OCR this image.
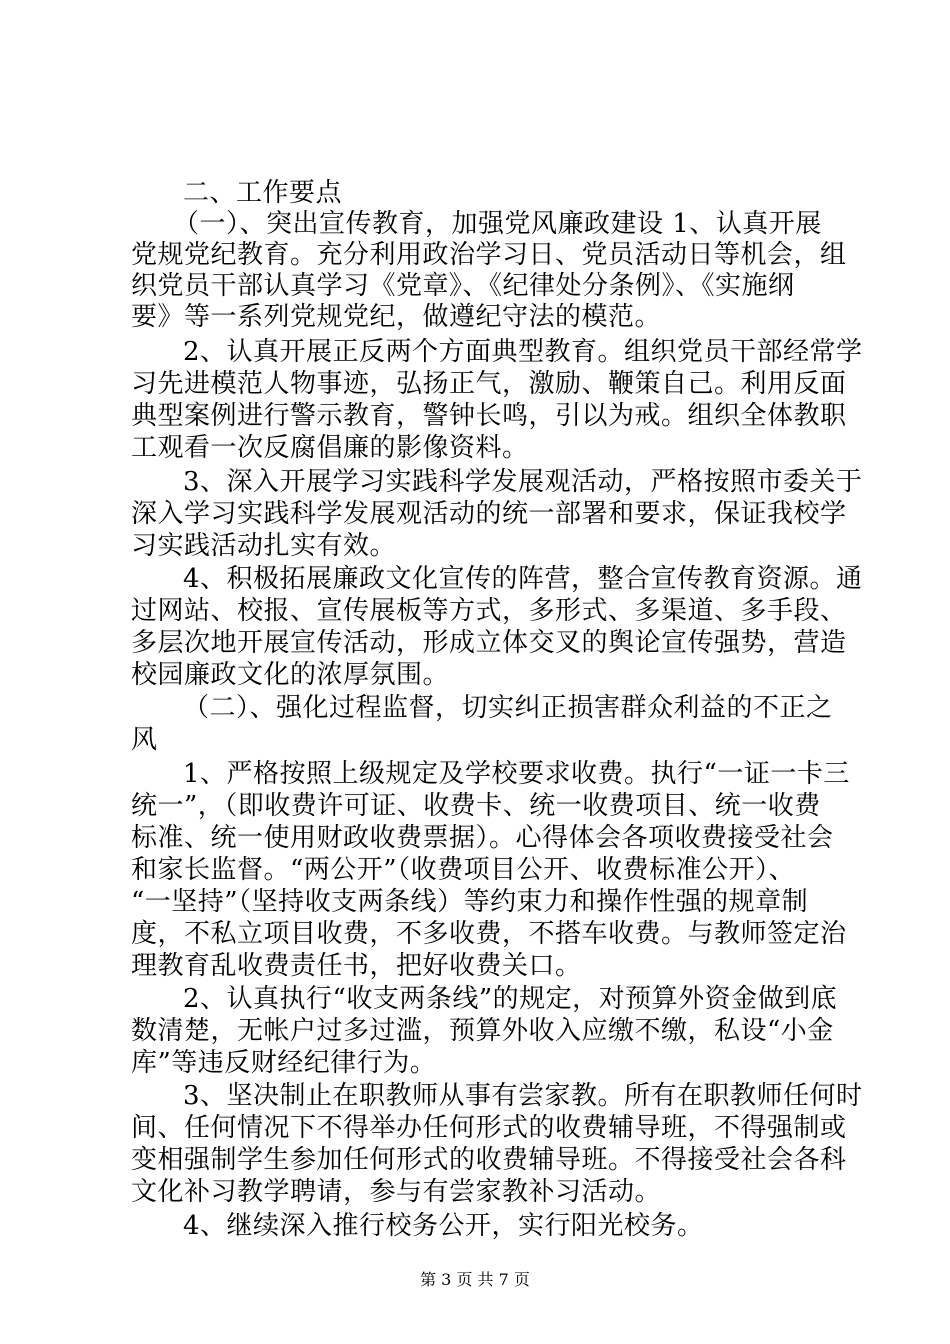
二、工作要点
（一）、突出宣传教育，加强党风廉政建设 1、认真开展
党规党纪教育。充分利用政治学习日、党员活动日等机会，组
织党员干部认真学习《党章》、《纪律处分条例》、《实施纲
要》等一系列党规党纪，做遵纪守法的模范。
2、认真开展正反两个方面典型教育。组织党员干部经常学
习先进模范人物事迹，弘扬正气，激励、鞭策自己。利用反面
典型案例进行警示教育，警钟长鸣，引以为戒。组织全体教职
工观看一次反腐倡廉的影像资料。
3、深入开展学习实践科学发展观活动，严格按照市委关于
深入学习实践科学发展观活动的统一部署和要求，保证我校学
习实践活动扎实有效。
4、积极拓展廉政文化宣传的阵营，整合宣传教育资源。通
过网站、校报、宣传展板等方式，多形式、多渠道、多手段、
多层次地开展宣传活动，形成立体交叉的舆论宣传强势，营造
校园廉政文化的浓厚氛围。
（二）、强化过程监督，切实纠正损害群众利益的不正之
风
1、严格按照上级规定及学校要求收费。执行“一证一卡三
统一”，（即收费许可证、收费卡、统一收费项目、统一收费
标准、统一使用财政收费票据）。心得体会各项收费接受社会
和家长监督。“两公开”（收费项目公开、收费标准公开）、
“一坚持”（坚持收支两条线）等约束力和操作性强的规章制
度，不私立项目收费，不多收费，不搭车收费。与教师签定治
理教育乱收费责任书，把好收费关口。
2、认真执行“收支两条线”的规定，对预算外资金做到底
数清楚，无帐户过多过滥，预算外收入应缴不缴，私设“小金
库”等违反财经纪律行为。
3、坚决制止在职教师从事有尝家教。所有在职教师任何时
间、任何情况下不得举办任何形式的收费辅导班，不得强制或
变相强制学生参加任何形式的收费辅导班。不得接受社会各科
文化补习教学聘请，参与有尝家教补习活动。
4、继续深入推行校务公开，实行阳光校务。
第 3 页 共 7 页
